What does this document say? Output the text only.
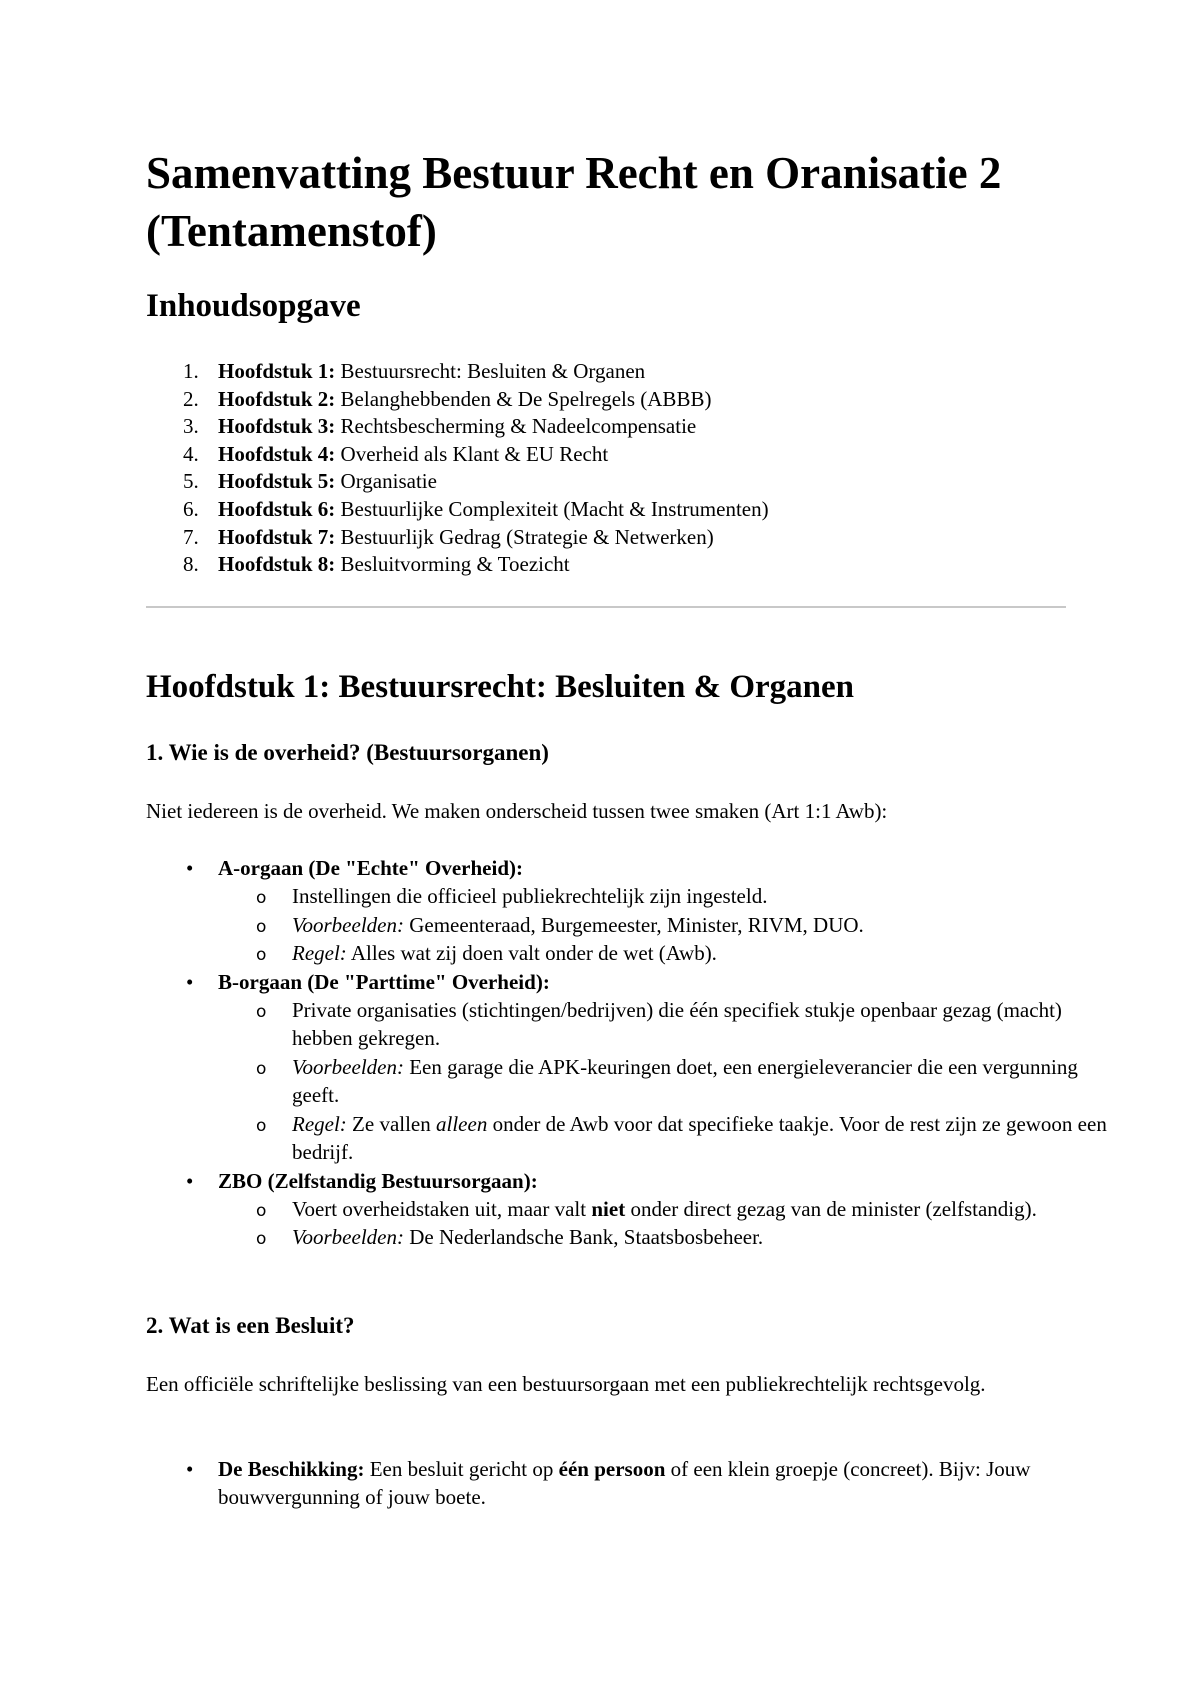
Samenvatting Bestuur Recht en Oranisatie 2 (Tentamenstof)
Inhoudsopgave
1. Hoofdstuk 1: Bestuursrecht: Besluiten & Organen
2. Hoofdstuk 2: Belanghebbenden & De Spelregels (ABBB)
3. Hoofdstuk 3: Rechtsbescherming & Nadeelcompensatie
4. Hoofdstuk 4: Overheid als Klant & EU Recht
5. Hoofdstuk 5: Organisatie
6. Hoofdstuk 6: Bestuurlijke Complexiteit (Macht & Instrumenten)
7. Hoofdstuk 7: Bestuurlijk Gedrag (Strategie & Netwerken)
8. Hoofdstuk 8: Besluitvorming & Toezicht
Hoofdstuk 1: Bestuursrecht: Besluiten & Organen
1. Wie is de overheid? (Bestuursorganen)

Niet iedereen is de overheid. We maken onderscheid tussen twee smaken (Art 1:1 Awb):

• A-orgaan (De "Echte" Overheid):
o Instellingen die officieel publiekrechtelijk zijn ingesteld.
o Voorbeelden: Gemeenteraad, Burgemeester, Minister, RIVM, DUO.
o Regel: Alles wat zij doen valt onder de wet (Awb).
• B-orgaan (De "Parttime" Overheid):
o Private organisaties (stichtingen/bedrijven) die één specifiek stukje openbaar gezag (macht) hebben gekregen.
o Voorbeelden: Een garage die APK-keuringen doet, een energieleverancier die een vergunning geeft.
o Regel: Ze vallen alleen onder de Awb voor dat specifieke taakje. Voor de rest zijn ze gewoon een bedrijf.
• ZBO (Zelfstandig Bestuursorgaan):
o Voert overheidstaken uit, maar valt niet onder direct gezag van de minister (zelfstandig).
o Voorbeelden: De Nederlandsche Bank, Staatsbosbeheer.
2. Wat is een Besluit?

Een officiële schriftelijke beslissing van een bestuursorgaan met een publiekrechtelijk rechtsgevolg.

• De Beschikking: Een besluit gericht op één persoon of een klein groepje (concreet). Bijv: Jouw bouwvergunning of jouw boete.
